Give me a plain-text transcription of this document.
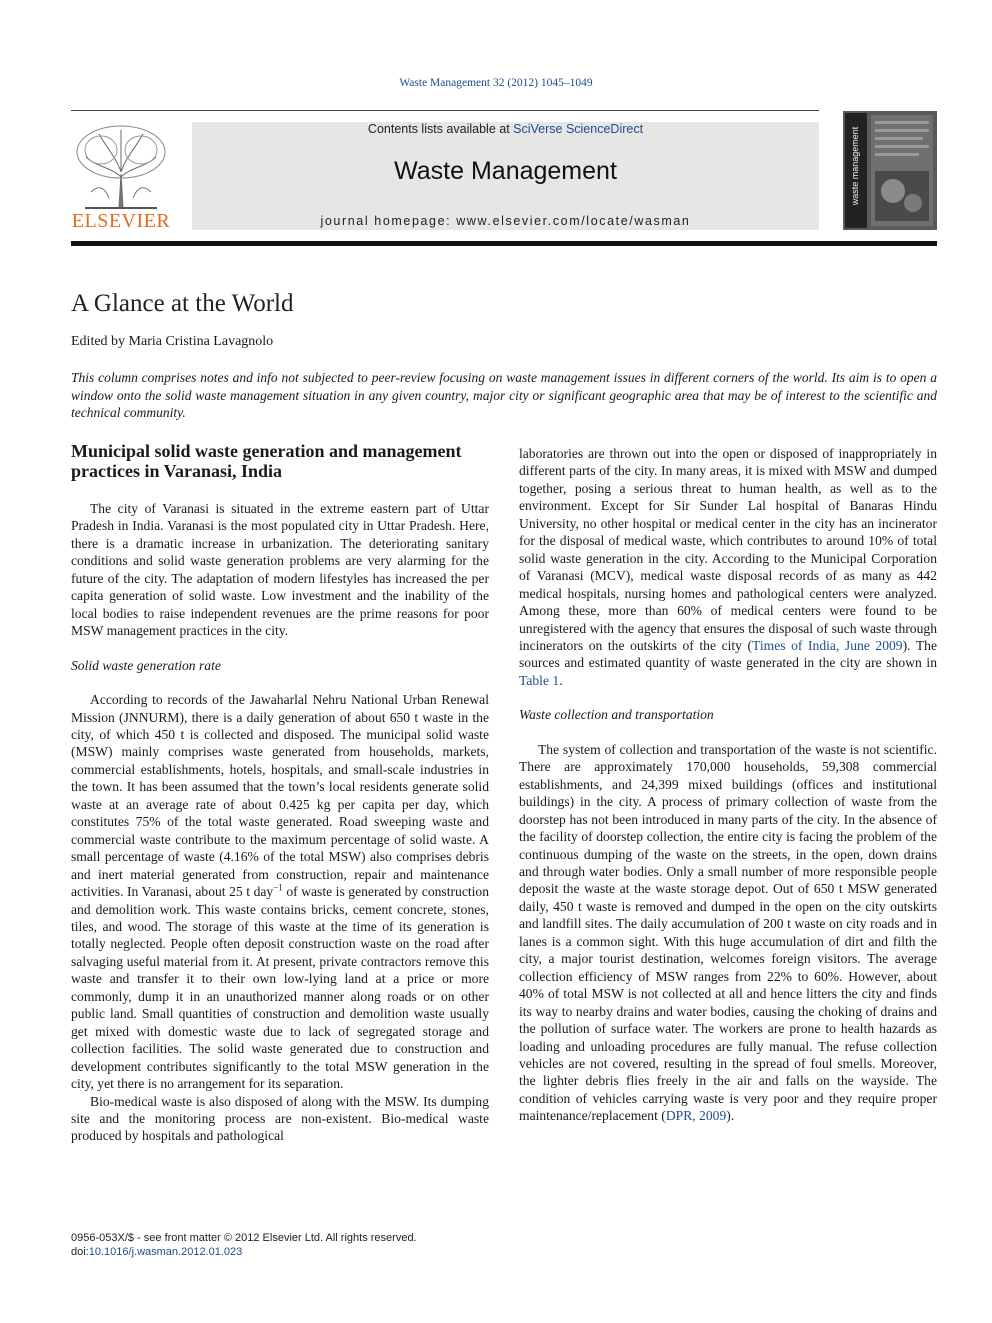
Waste Management 32 (2012) 1045–1049
ELSEVIER
Contents lists available at SciVerse ScienceDirect
Waste Management
journal homepage: www.elsevier.com/locate/wasman
waste management
A Glance at the World
Edited by Maria Cristina Lavagnolo
This column comprises notes and info not subjected to peer-review focusing on waste management issues in different corners of the world. Its aim is to open a window onto the solid waste management situation in any given country, major city or significant geographic area that may be of interest to the scientific and technical community.
Municipal solid waste generation and management practices in Varanasi, India

The city of Varanasi is situated in the extreme eastern part of Uttar Pradesh in India. Varanasi is the most populated city in Uttar Pradesh. Here, there is a dramatic increase in urbanization. The deteriorating sanitary conditions and solid waste generation problems are very alarming for the future of the city. The adaptation of modern lifestyles has increased the per capita generation of solid waste. Low investment and the inability of the local bodies to raise independent revenues are the prime reasons for poor MSW management practices in the city.

Solid waste generation rate

According to records of the Jawaharlal Nehru National Urban Renewal Mission (JNNURM), there is a daily generation of about 650 t waste in the city, of which 450 t is collected and disposed. The municipal solid waste (MSW) mainly comprises waste generated from households, markets, commercial establishments, hotels, hospitals, and small-scale industries in the town. It has been assumed that the town’s local residents generate solid waste at an average rate of about 0.425 kg per capita per day, which constitutes 75% of the total waste generated. Road sweeping waste and commercial waste contribute to the maximum percentage of solid waste. A small percentage of waste (4.16% of the total MSW) also comprises debris and inert material generated from construction, repair and maintenance activities. In Varanasi, about 25 t day$^{-1}$ of waste is generated by construction and demolition work. This waste contains bricks, cement concrete, stones, tiles, and wood. The storage of this waste at the time of its generation is totally neglected. People often deposit construction waste on the road after salvaging useful material from it. At present, private contractors remove this waste and transfer it to their own low-lying land at a price or more commonly, dump it in an unauthorized manner along roads or on other public land. Small quantities of construction and demolition waste usually get mixed with domestic waste due to lack of segregated storage and collection facilities. The solid waste generated due to construction and development contributes significantly to the total MSW generation in the city, yet there is no arrangement for its separation.

Bio-medical waste is also disposed of along with the MSW. Its dumping site and the monitoring process are non-existent. Bio-medical waste produced by hospitals and pathological

laboratories are thrown out into the open or disposed of inappropriately in different parts of the city. In many areas, it is mixed with MSW and dumped together, posing a serious threat to human health, as well as to the environment. Except for Sir Sunder Lal hospital of Banaras Hindu University, no other hospital or medical center in the city has an incinerator for the disposal of medical waste, which contributes to around 10% of total solid waste generation in the city. According to the Municipal Corporation of Varanasi (MCV), medical waste disposal records of as many as 442 medical hospitals, nursing homes and pathological centers were analyzed. Among these, more than 60% of medical centers were found to be unregistered with the agency that ensures the disposal of such waste through incinerators on the outskirts of the city (Times of India, June 2009). The sources and estimated quantity of waste generated in the city are shown in Table 1.

Waste collection and transportation

The system of collection and transportation of the waste is not scientific. There are approximately 170,000 households, 59,308 commercial establishments, and 24,399 mixed buildings (offices and institutional buildings) in the city. A process of primary collection of waste from the doorstep has not been introduced in many parts of the city. In the absence of the facility of doorstep collection, the entire city is facing the problem of the continuous dumping of the waste on the streets, in the open, down drains and through water bodies. Only a small number of more responsible people deposit the waste at the waste storage depot. Out of 650 t MSW generated daily, 450 t waste is removed and dumped in the open on the city outskirts and landfill sites. The daily accumulation of 200 t waste on city roads and in lanes is a common sight. With this huge accumulation of dirt and filth the city, a major tourist destination, welcomes foreign visitors. The average collection efficiency of MSW ranges from 22% to 60%. However, about 40% of total MSW is not collected at all and hence litters the city and finds its way to nearby drains and water bodies, causing the choking of drains and the pollution of surface water. The workers are prone to health hazards as loading and unloading procedures are fully manual. The refuse collection vehicles are not covered, resulting in the spread of foul smells. Moreover, the lighter debris flies freely in the air and falls on the wayside. The condition of vehicles carrying waste is very poor and they require proper maintenance/replacement (DPR, 2009).

0956-053X/$ - see front matter © 2012 Elsevier Ltd. All rights reserved.
doi:10.1016/j.wasman.2012.01.023
